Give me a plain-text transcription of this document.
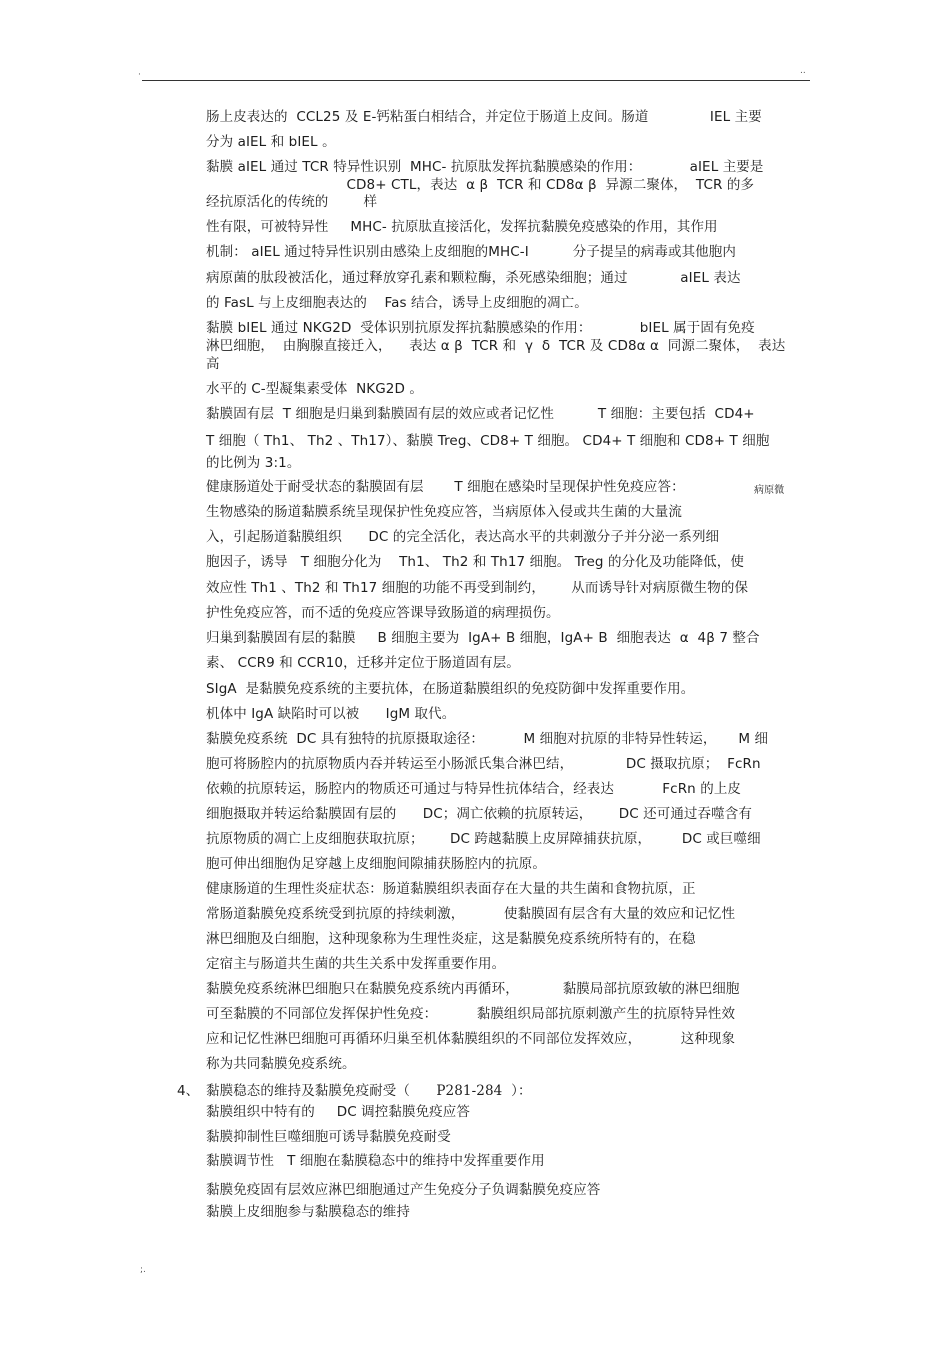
·	..
;.
肠上皮表达的  CCL25 及 E-钙粘蛋白相结合，并定位于肠道上皮间。肠道              IEL 主要
分为 aIEL 和 bIEL 。
黏膜 aIEL 通过 TCR 特异性识别  MHC- 抗原肽发挥抗黏膜感染的作用：           aIEL 主要是
CD8+ CTL，表达  α β  TCR 和 CD8α β  异源二聚体，  TCR 的多
经抗原活化的传统的        样
性有限，可被特异性     MHC- 抗原肽直接活化，发挥抗黏膜免疫感染的作用，其作用
机制： aIEL 通过特异性识别由感染上皮细胞的MHC-I          分子提呈的病毒或其他胞内
病原菌的肽段被活化，通过释放穿孔素和颗粒酶，杀死感染细胞；通过            aIEL 表达
的 FasL 与上皮细胞表达的    Fas 结合，诱导上皮细胞的凋亡。
黏膜 bIEL 通过 NKG2D  受体识别抗原发挥抗黏膜感染的作用：           bIEL 属于固有免疫
淋巴细胞，  由胸腺直接迁入，    表达 α β  TCR 和  γ  δ  TCR 及 CD8α α  同源二聚体，  表达
高
水平的 C-型凝集素受体  NKG2D 。
黏膜固有层  T 细胞是归巢到黏膜固有层的效应或者记忆性          T 细胞：主要包括  CD4+
T 细胞（ Th1、 Th2 、Th17）、黏膜 Treg、CD8+ T 细胞。 CD4+ T 细胞和 CD8+ T 细胞
的比例为 3:1。
健康肠道处于耐受状态的黏膜固有层       T 细胞在感染时呈现保护性免疫应答：	病原微
生物感染的肠道黏膜系统呈现保护性免疫应答，当病原体入侵或共生菌的大量流
入，引起肠道黏膜组织      DC 的完全活化，表达高水平的共刺激分子并分泌一系列细
胞因子，诱导   T 细胞分化为    Th1、 Th2 和 Th17 细胞。 Treg 的分化及功能降低，使
效应性 Th1 、Th2 和 Th17 细胞的功能不再受到制约，      从而诱导针对病原微生物的保
护性免疫应答，而不适的免疫应答课导致肠道的病理损伤。
归巢到黏膜固有层的黏膜     B 细胞主要为  IgA+ B 细胞，IgA+ B  细胞表达  α  4β 7 整合
素、 CCR9 和 CCR10，迁移并定位于肠道固有层。
SIgA  是黏膜免疫系统的主要抗体，在肠道黏膜组织的免疫防御中发挥重要作用。
机体中 IgA 缺陷时可以被      IgM 取代。
黏膜免疫系统  DC 具有独特的抗原摄取途径：         M 细胞对抗原的非特异性转运，     M 细
胞可将肠腔内的抗原物质内吞并转运至小肠派氏集合淋巴结，            DC 摄取抗原；  FcRn
依赖的抗原转运，肠腔内的物质还可通过与特异性抗体结合，经表达           FcRn 的上皮
细胞摄取并转运给黏膜固有层的      DC；凋亡依赖的抗原转运，      DC 还可通过吞噬含有
抗原物质的凋亡上皮细胞获取抗原；      DC 跨越黏膜上皮屏障捕获抗原，       DC 或巨噬细
胞可伸出细胞伪足穿越上皮细胞间隙捕获肠腔内的抗原。
健康肠道的生理性炎症状态：肠道黏膜组织表面存在大量的共生菌和食物抗原，正
常肠道黏膜免疫系统受到抗原的持续刺激，         使黏膜固有层含有大量的效应和记忆性
淋巴细胞及白细胞，这种现象称为生理性炎症，这是黏膜免疫系统所特有的，在稳
定宿主与肠道共生菌的共生关系中发挥重要作用。
黏膜免疫系统淋巴细胞只在黏膜免疫系统内再循环，          黏膜局部抗原致敏的淋巴细胞
可至黏膜的不同部位发挥保护性免疫：         黏膜组织局部抗原刺激产生的抗原特异性效
应和记忆性淋巴细胞可再循环归巢至机体黏膜组织的不同部位发挥效应，         这种现象
称为共同黏膜免疫系统。
4、 黏膜稳态的维持及黏膜免疫耐受（      P281-284  ）：
黏膜组织中特有的     DC 调控黏膜免疫应答
黏膜抑制性巨噬细胞可诱导黏膜免疫耐受
黏膜调节性   T 细胞在黏膜稳态中的维持中发挥重要作用
黏膜免疫固有层效应淋巴细胞通过产生免疫分子负调黏膜免疫应答
黏膜上皮细胞参与黏膜稳态的维持
